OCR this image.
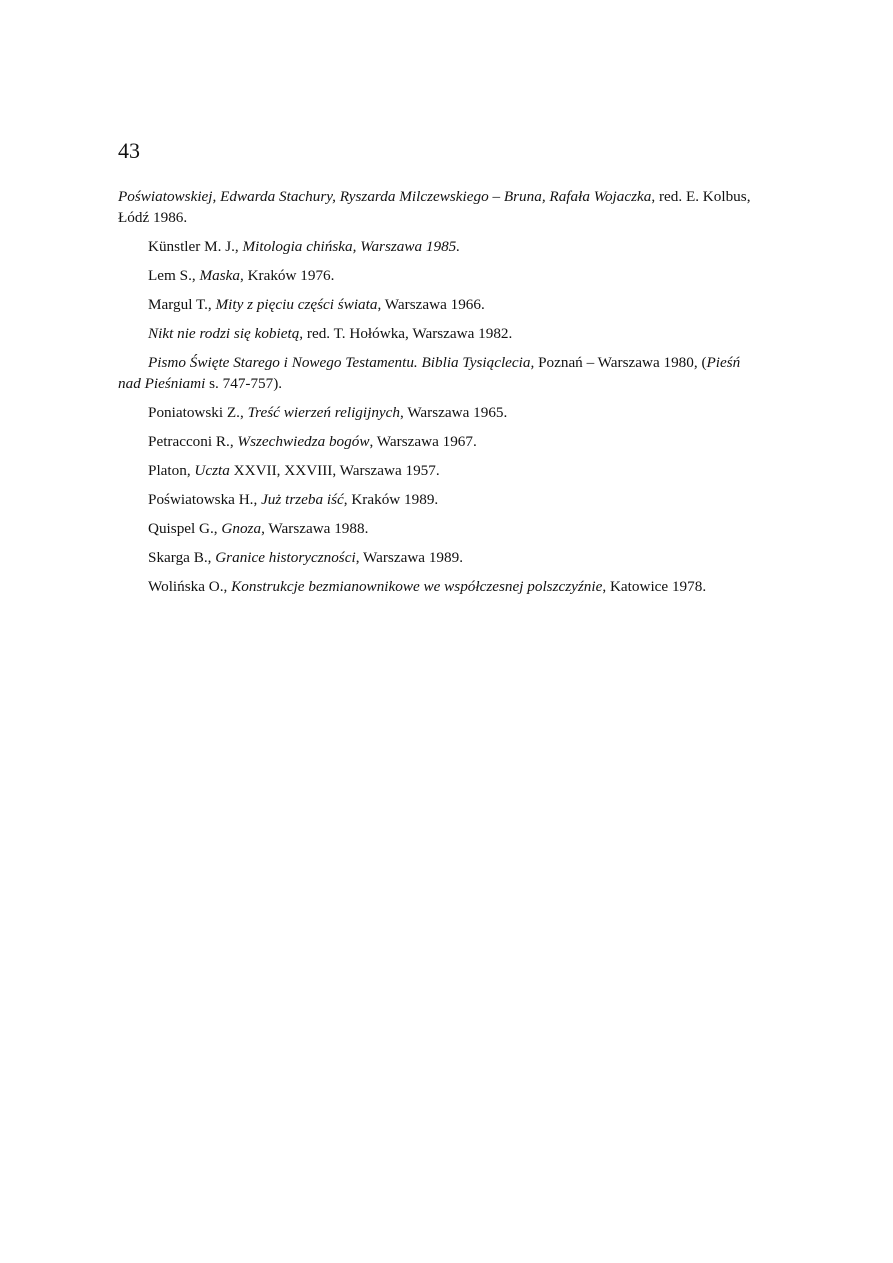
43

Poświatowskiej, Edwarda Stachury, Ryszarda Milczewskiego – Bruna, Rafała Wojaczka, red. E. Kolbus, Łódź 1986.

Künstler M. J., Mitologia chińska, Warszawa 1985.

Lem S., Maska, Kraków 1976.

Margul T., Mity z pięciu części świata, Warszawa 1966.

Nikt nie rodzi się kobietą, red. T. Hołówka, Warszawa 1982.

Pismo Święte Starego i Nowego Testamentu. Biblia Tysiąclecia, Poznań – Warszawa 1980, (Pieśń nad Pieśniami s. 747-757).

Poniatowski Z., Treść wierzeń religijnych, Warszawa 1965.

Petracconi R., Wszechwiedza bogów, Warszawa 1967.

Platon, Uczta XXVII, XXVIII, Warszawa 1957.

Poświatowska H., Już trzeba iść, Kraków 1989.

Quispel G., Gnoza, Warszawa 1988.

Skarga B., Granice historyczności, Warszawa 1989.

Wolińska O., Konstrukcje bezmianownikowe we współczesnej polszczyźnie, Katowice 1978.
